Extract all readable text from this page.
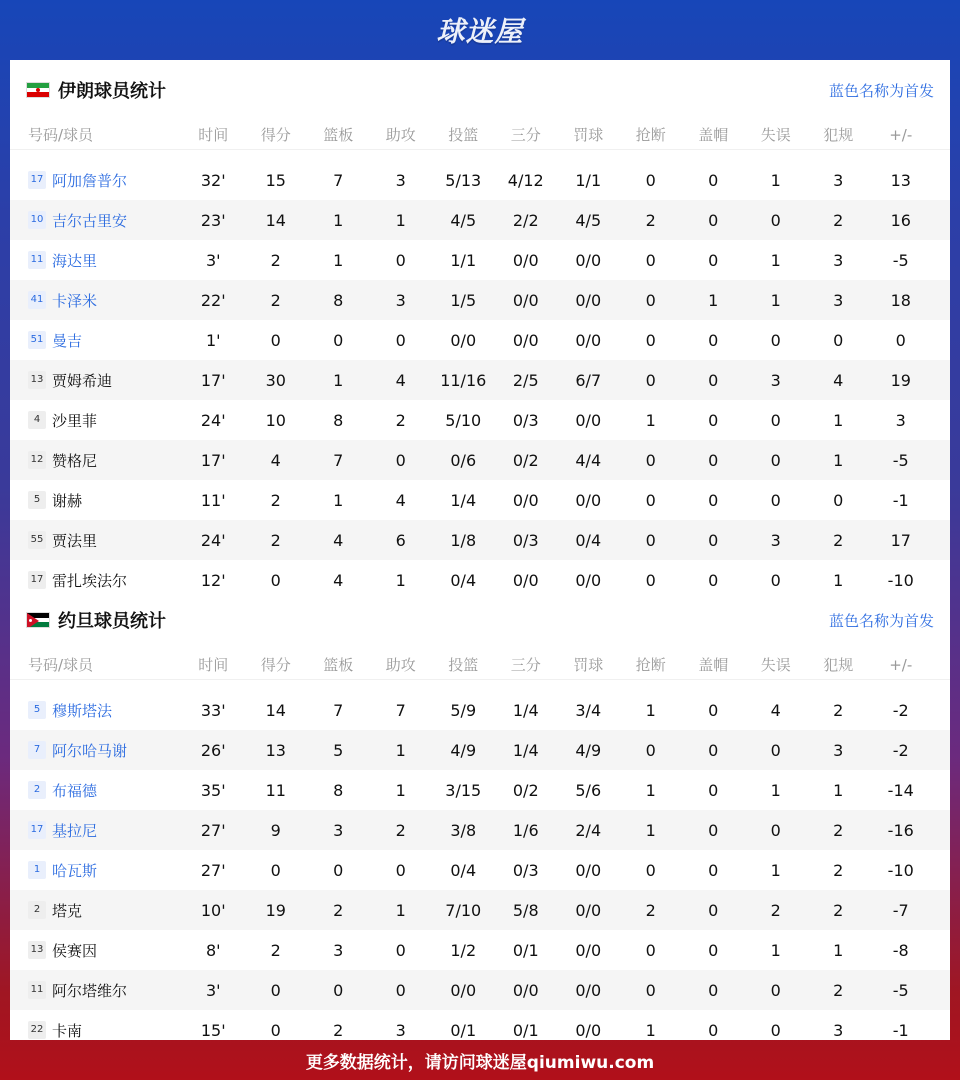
球迷屋
伊朗球员统计	蓝色名称为首发
号码/球员	时间	得分	篮板	助攻	投篮	三分	罚球	抢断	盖帽	失误	犯规	+/-
17 阿加詹普尔	32'	15	7	3	5/13	4/12	1/1	0	0	1	3	13
10 吉尔古里安	23'	14	1	1	4/5	2/2	4/5	2	0	0	2	16
11 海达里	3'	2	1	0	1/1	0/0	0/0	0	0	1	3	-5
41 卡泽米	22'	2	8	3	1/5	0/0	0/0	0	1	1	3	18
51 曼吉	1'	0	0	0	0/0	0/0	0/0	0	0	0	0	0
13 贾姆希迪	17'	30	1	4	11/16	2/5	6/7	0	0	3	4	19
4 沙里菲	24'	10	8	2	5/10	0/3	0/0	1	0	0	1	3
12 赞格尼	17'	4	7	0	0/6	0/2	4/4	0	0	0	1	-5
5 谢赫	11'	2	1	4	1/4	0/0	0/0	0	0	0	0	-1
55 贾法里	24'	2	4	6	1/8	0/3	0/4	0	0	3	2	17
17 雷扎埃法尔	12'	0	4	1	0/4	0/0	0/0	0	0	0	1	-10
约旦球员统计	蓝色名称为首发
号码/球员	时间	得分	篮板	助攻	投篮	三分	罚球	抢断	盖帽	失误	犯规	+/-
5 穆斯塔法	33'	14	7	7	5/9	1/4	3/4	1	0	4	2	-2
7 阿尔哈马谢	26'	13	5	1	4/9	1/4	4/9	0	0	0	3	-2
2 布福德	35'	11	8	1	3/15	0/2	5/6	1	0	1	1	-14
17 基拉尼	27'	9	3	2	3/8	1/6	2/4	1	0	0	2	-16
1 哈瓦斯	27'	0	0	0	0/4	0/3	0/0	0	0	1	2	-10
2 塔克	10'	19	2	1	7/10	5/8	0/0	2	0	2	2	-7
13 侯赛因	8'	2	3	0	1/2	0/1	0/0	0	0	1	1	-8
11 阿尔塔维尔	3'	0	0	0	0/0	0/0	0/0	0	0	0	2	-5
22 卡南	15'	0	2	3	0/1	0/1	0/0	1	0	0	3	-1
更多数据统计，请访问球迷屋qiumiwu.com
